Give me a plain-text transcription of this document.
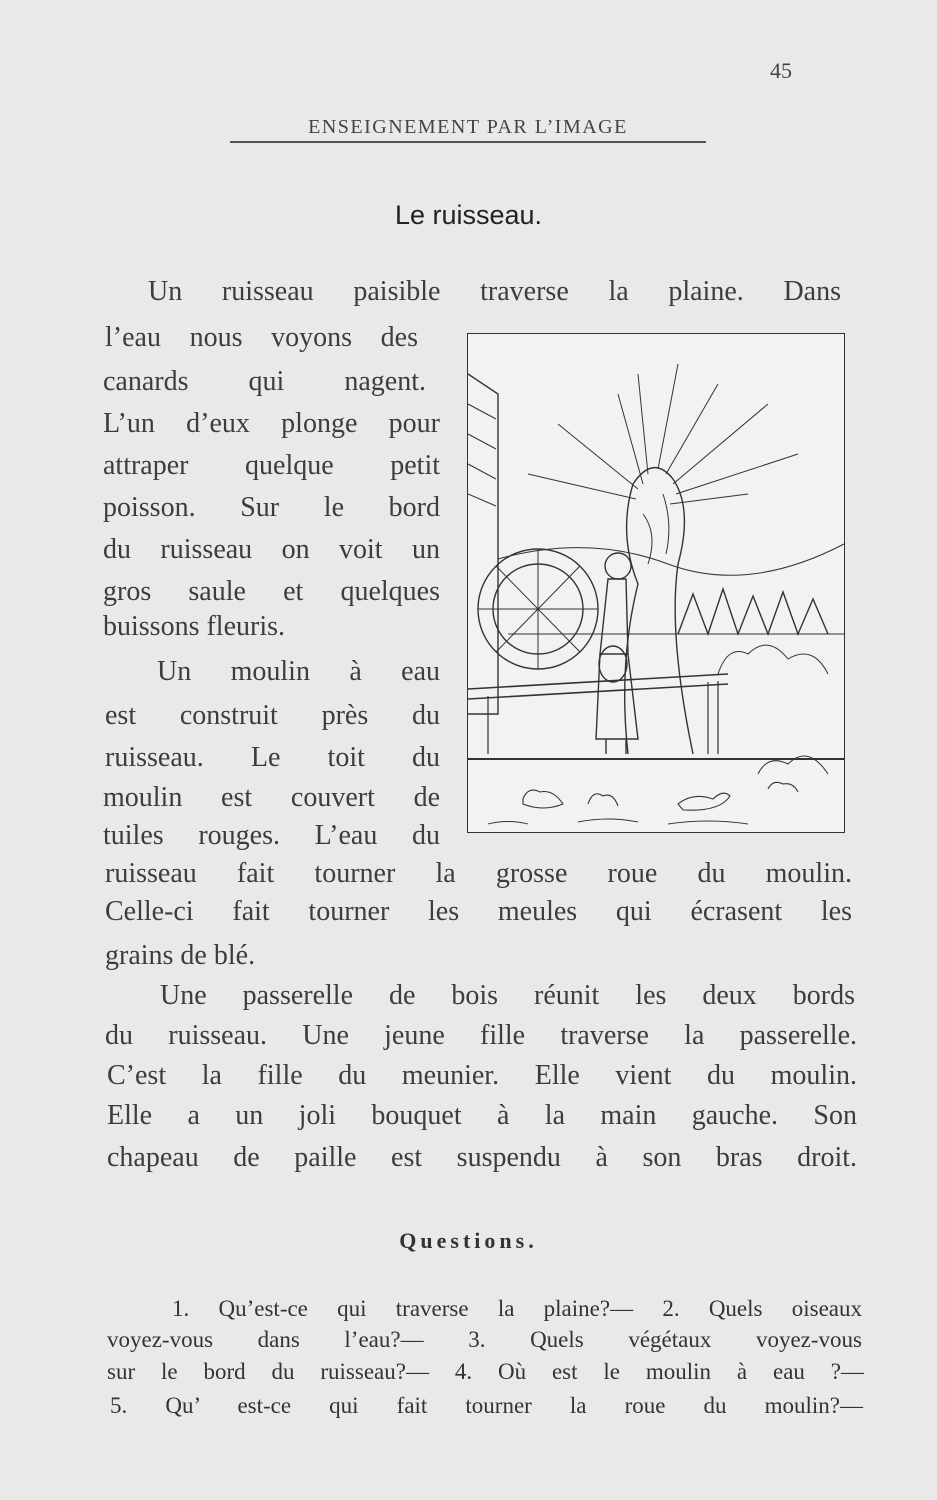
45
ENSEIGNEMENT PAR L’IMAGE
Le ruisseau.
Un ruisseau paisible traverse la plaine. Dans
l’eau nous voyons des
canards qui nagent.
L’un d’eux plonge pour
attraper quelque petit
poisson. Sur le bord
du ruisseau on voit un
gros saule et quelques
buissons fleuris.
Un moulin à eau
est construit près du
ruisseau. Le toit du
moulin est couvert de
tuiles rouges. L’eau du
ruisseau fait tourner la grosse roue du moulin.
Celle-ci fait tourner les meules qui écrasent les
grains de blé.
Une passerelle de bois réunit les deux bords
du ruisseau. Une jeune fille traverse la passerelle.
C’est la fille du meunier. Elle vient du moulin.
Elle a un joli bouquet à la main gauche. Son
chapeau de paille est suspendu à son bras droit.
Questions.
1. Qu’est-ce qui traverse la plaine?— 2. Quels oiseaux
voyez-vous dans l’eau?— 3. Quels végétaux voyez-vous
sur le bord du ruisseau?— 4. Où est le moulin à eau ?—
5. Qu’ est-ce qui fait tourner la roue du moulin?—
